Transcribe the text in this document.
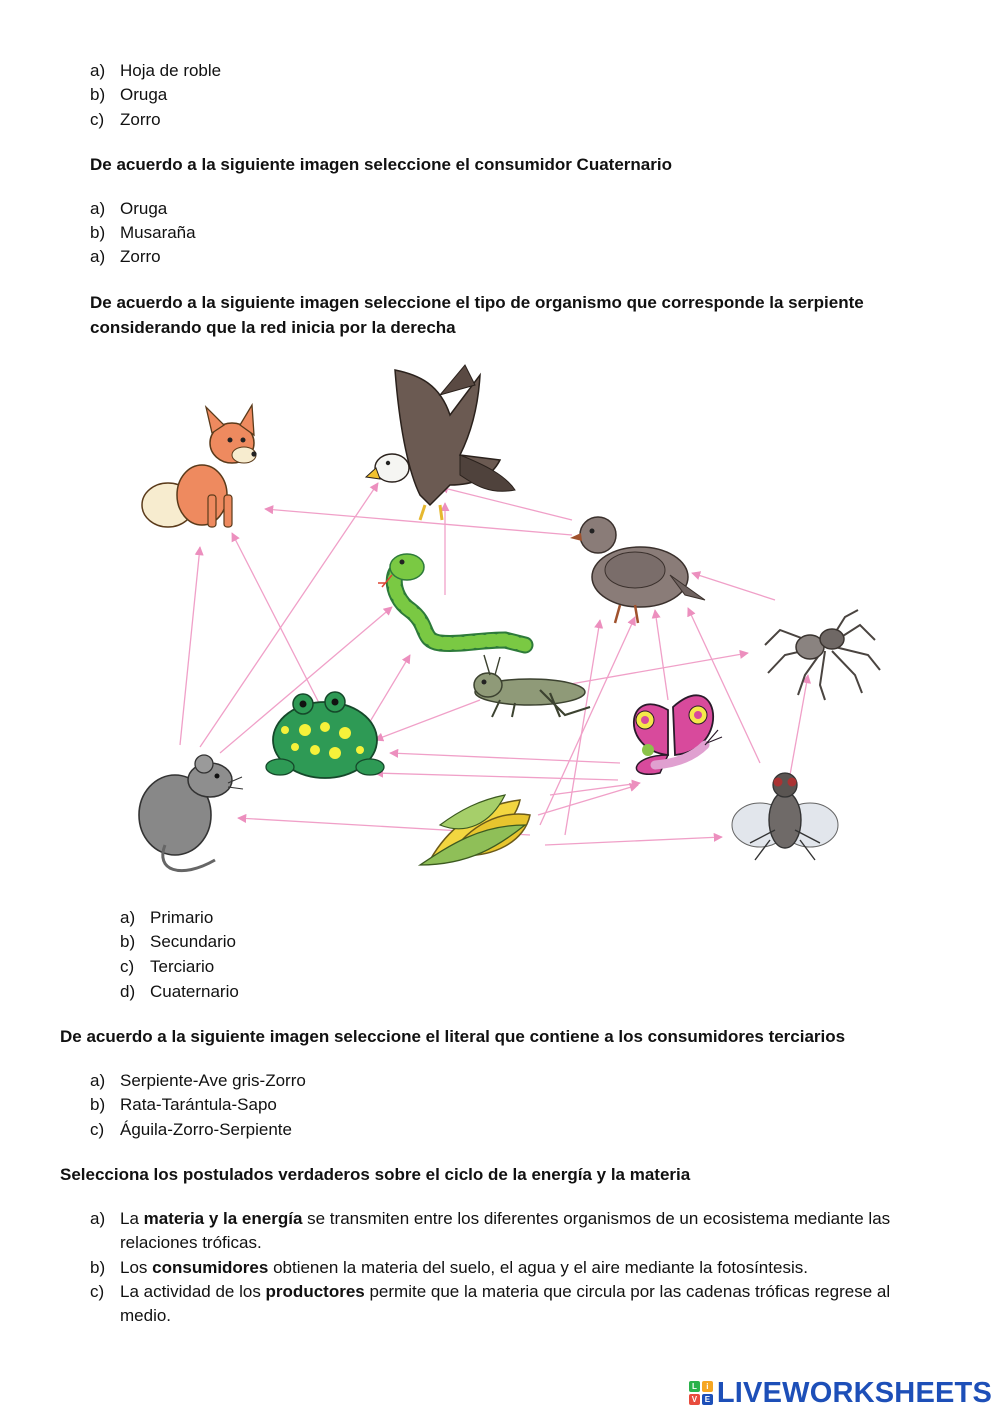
a) Hoja de roble
b) Oruga
c) Zorro
De acuerdo a la siguiente imagen seleccione el consumidor Cuaternario
a) Oruga
b) Musaraña
a) Zorro
De acuerdo a la siguiente imagen seleccione el tipo de organismo que corresponde la serpiente considerando que la red inicia por la derecha
a) Primario
b) Secundario
c) Terciario
d) Cuaternario
De acuerdo a la siguiente imagen seleccione el literal que contiene a los consumidores terciarios
a) Serpiente-Ave gris-Zorro
b) Rata-Tarántula-Sapo
c) Águila-Zorro-Serpiente
Selecciona los postulados verdaderos sobre el ciclo de la energía y la materia
a) La materia y la energía se transmiten entre los diferentes organismos de un ecosistema mediante las relaciones tróficas.
b) Los consumidores obtienen la materia del suelo, el agua y el aire mediante la fotosíntesis.
c) La actividad de los productores permite que la materia que circula por las cadenas tróficas regrese al medio.
L	i
V E LIVEWORKSHEETS
